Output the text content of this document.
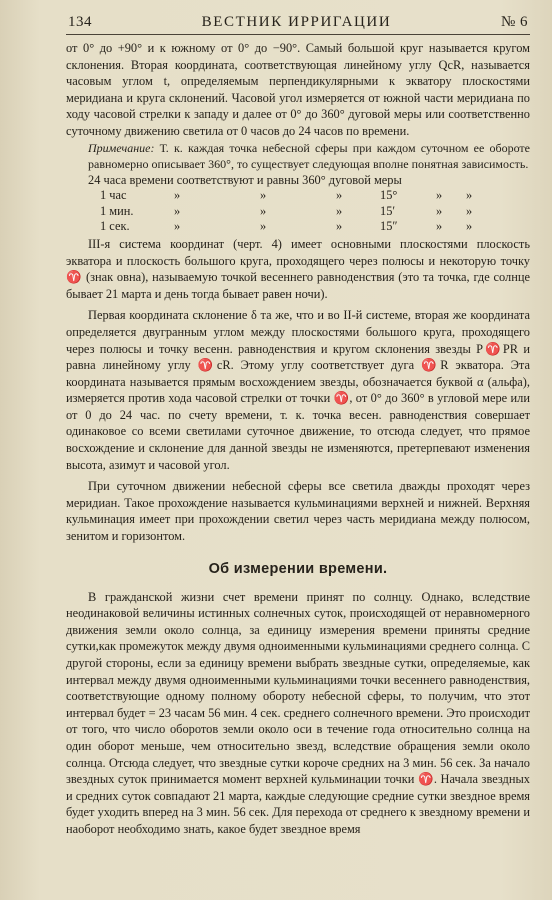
134	ВЕСТНИК ИРРИГАЦИИ	№ 6

от 0° до +90° и к южному от 0° до −90°. Самый большой круг называется кругом склонения. Вторая координата, соответствующая линейному углу QcR, называется часовым углом t, определяемым перпендикулярными к экватору плоскостями меридиана и круга склонений. Часовой угол измеряется от южной части меридиана по ходу часовой стрелки к западу и далее от 0° до 360° дуговой меры или соответственно суточному движению светила от 0 часов до 24 часов по времени.

Примечание: Т. к. каждая точка небесной сферы при каждом суточном ее обороте равномерно описывает 360°, то существует следующая вполне понятная зависимость.

24 часа времени соответствуют и равны 360° дуговой меры
1 час	»	»	»	15°	»	»
1 мин.	»	»	»	15′	»	»
1 сек.	»	»	»	15″	»	»

III-я система координат (черт. 4) имеет основными плоскостями плоскость экватора и плоскость большого круга, проходящего через полюсы и некоторую точку ♈ (знак овна), называемую точкой весеннего равноденствия (это та точка, где солнце бывает 21 марта и день тогда бывает равен ночи).

Первая координата склонение δ та же, что и во II-й системе, вторая же координата определяется двугранным углом между плоскостями большого круга, проходящего через полюсы и точку весенн. равноденствия и кругом склонения звезды P♈PR и равна линейному углу ♈cR. Этому углу соответствует дуга ♈R экватора. Эта координата называется прямым восхождением звезды, обозначается буквой α (альфа), измеряется против хода часовой стрелки от точки ♈, от 0° до 360° в угловой мере или от 0 до 24 час. по счету времени, т. к. точка весен. равноденствия совершает одинаковое со всеми светилами суточное движение, то отсюда следует, что прямое восхождение и склонение для данной звезды не изменяются, претерпевают изменения высота, азимут и часовой угол.

При суточном движении небесной сферы все светила дважды проходят через меридиан. Такое прохождение называется кульминациями верхней и нижней. Верхняя кульминация имеет при прохождении светил через часть меридиана между полюсом, зенитом и горизонтом.

Об измерении времени.

В гражданской жизни счет времени принят по солнцу. Однако, вследствие неодинаковой величины истинных солнечных суток, происходящей от неравномерного движения земли около солнца, за единицу измерения времени приняты средние сутки,как промежуток между двумя одноименными кульминациями среднего солнца. С другой стороны, если за единицу времени выбрать звездные сутки, определяемые, как интервал между двумя одноименными кульминациями точки весеннего равноденствия, соответствующие одному полному обороту небесной сферы, то получим, что этот интервал будет = 23 часам 56 мин. 4 сек. среднего солнечного времени. Это происходит от того, что число оборотов земли около оси в течение года относительно солнца на один оборот меньше, чем относительно звезд, вследствие обращения земли около солнца. Отсюда следует, что звездные сутки короче средних на 3 мин. 56 сек. За начало звездных суток принимается момент верхней кульминации точки ♈. Начала звездных и средних суток совпадают 21 марта, каждые следующие средние сутки звездное время будет уходить вперед на 3 мин. 56 сек. Для перехода от среднего к звездному времени и наоборот необходимо знать, какое будет звездное время
